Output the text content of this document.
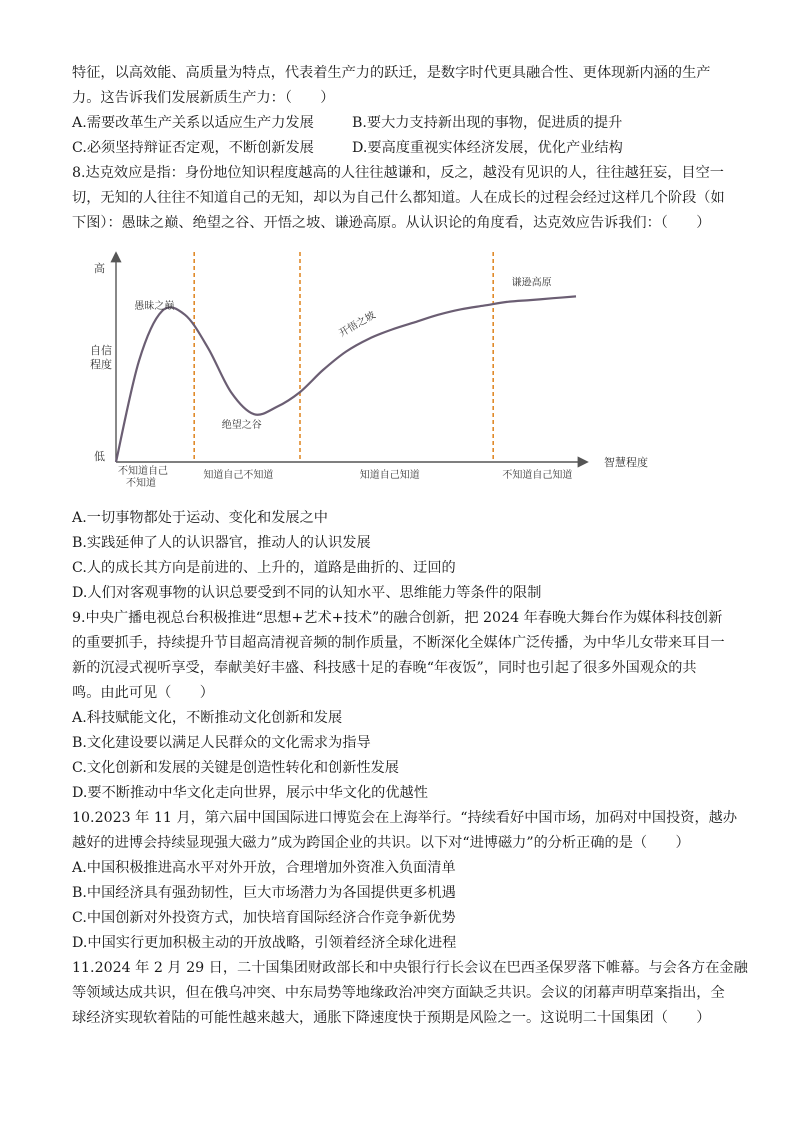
特征，以高效能、高质量为特点，代表着生产力的跃迁，是数字时代更具融合性、更体现新内涵的生产
力。这告诉我们发展新质生产力：（　　）
A.需要改革生产关系以适应生产力发展	B.要大力支持新出现的事物，促进质的提升
C.必须坚持辩证否定观，不断创新发展	D.要高度重视实体经济发展，优化产业结构
8.达克效应是指：身份地位知识程度越高的人往往越谦和，反之，越没有见识的人，往往越狂妄，目空一
切，无知的人往往不知道自己的无知，却以为自己什么都知道。人在成长的过程会经过这样几个阶段（如
下图）：愚昧之巅、绝望之谷、开悟之坡、谦逊高原。从认识论的角度看，达克效应告诉我们：（　　）
高
低
自信
程度
智慧程度
不知道自己
不知道
知道自己不知道	知道自己知道	不知道自己知道
愚昧之巅
绝望之谷
开悟之坡
谦逊高原
A.一切事物都处于运动、变化和发展之中
B.实践延伸了人的认识器官，推动人的认识发展
C.人的成长其方向是前进的、上升的，道路是曲折的、迂回的
D.人们对客观事物的认识总要受到不同的认知水平、思维能力等条件的限制
9.中央广播电视总台积极推进“思想+艺术+技术”的融合创新，把 2024 年春晚大舞台作为媒体科技创新
的重要抓手，持续提升节目超高清视音频的制作质量，不断深化全媒体广泛传播，为中华儿女带来耳目一
新的沉浸式视听享受，奉献美好丰盛、科技感十足的春晚“年夜饭”，同时也引起了很多外国观众的共
鸣。由此可见（　　）
A.科技赋能文化，不断推动文化创新和发展
B.文化建设要以满足人民群众的文化需求为指导
C.文化创新和发展的关键是创造性转化和创新性发展
D.要不断推动中华文化走向世界，展示中华文化的优越性
10.2023 年 11 月，第六届中国国际进口博览会在上海举行。“持续看好中国市场，加码对中国投资，越办
越好的进博会持续显现强大磁力”成为跨国企业的共识。以下对“进博磁力”的分析正确的是（　　）
A.中国积极推进高水平对外开放，合理增加外资准入负面清单
B.中国经济具有强劲韧性，巨大市场潜力为各国提供更多机遇
C.中国创新对外投资方式，加快培育国际经济合作竞争新优势
D.中国实行更加积极主动的开放战略，引领着经济全球化进程
11.2024 年 2 月 29 日，二十国集团财政部长和中央银行行长会议在巴西圣保罗落下帷幕。与会各方在金融
等领域达成共识，但在俄乌冲突、中东局势等地缘政治冲突方面缺乏共识。会议的闭幕声明草案指出，全
球经济实现软着陆的可能性越来越大，通胀下降速度快于预期是风险之一。这说明二十国集团（　　）
